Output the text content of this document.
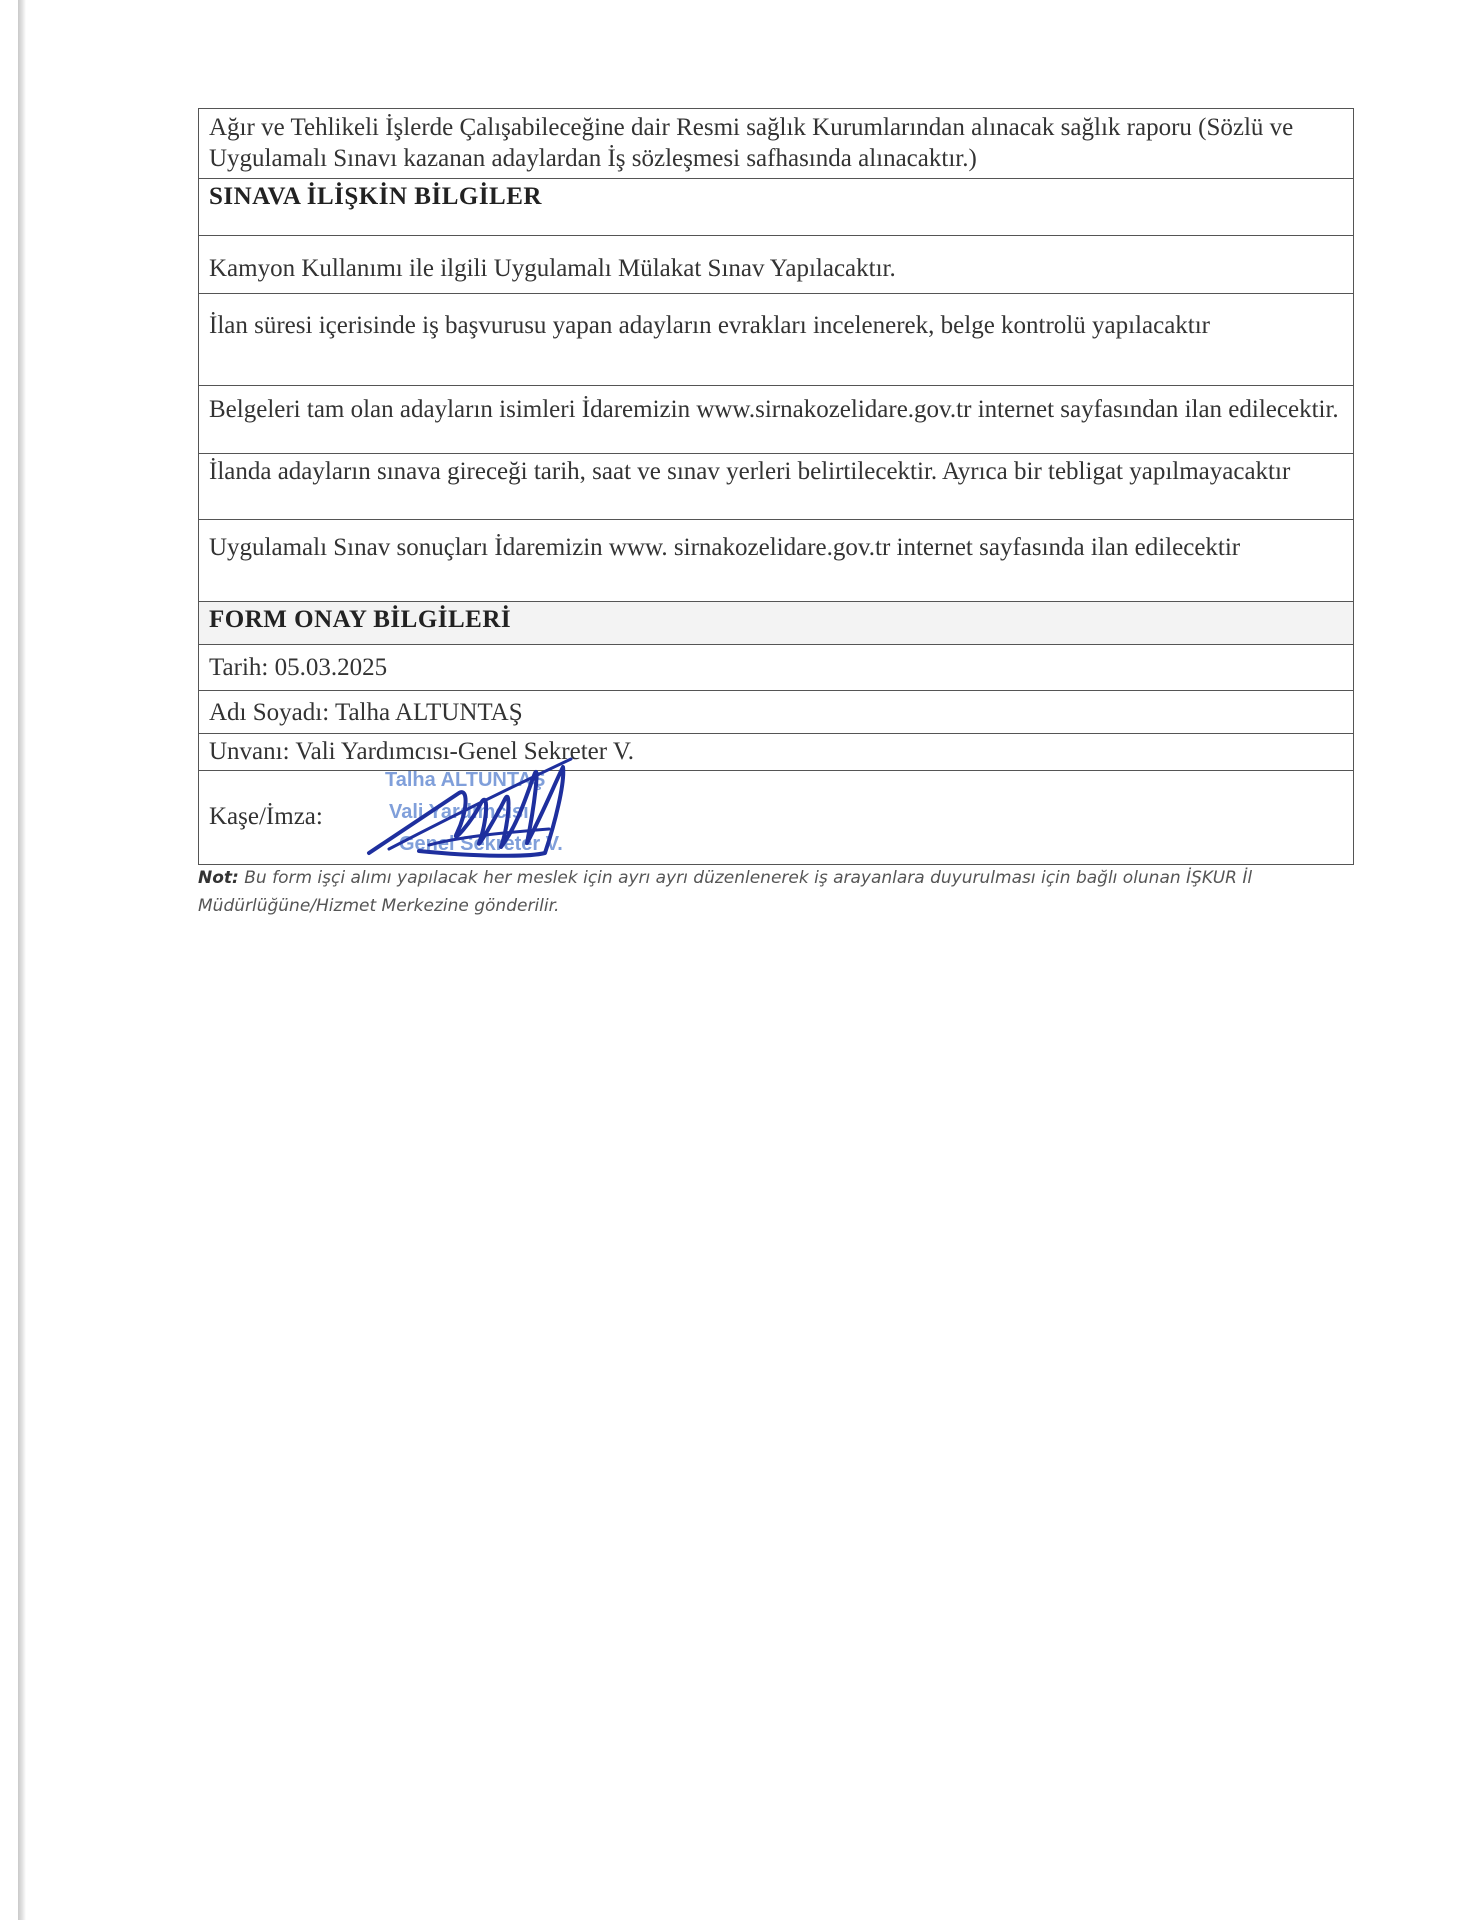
Ağır ve Tehlikeli İşlerde Çalışabileceğine dair Resmi sağlık Kurumlarından alınacak sağlık raporu (Sözlü ve Uygulamalı Sınavı kazanan adaylardan İş sözleşmesi safhasında alınacaktır.)
SINAVA İLİŞKİN BİLGİLER
Kamyon Kullanımı ile ilgili Uygulamalı Mülakat Sınav Yapılacaktır.
İlan süresi içerisinde iş başvurusu yapan adayların evrakları incelenerek, belge kontrolü yapılacaktır
Belgeleri tam olan adayların isimleri İdaremizin www.sirnakozelidare.gov.tr internet sayfasından ilan edilecektir.
İlanda adayların sınava gireceği tarih, saat ve sınav yerleri belirtilecektir. Ayrıca bir tebligat yapılmayacaktır
Uygulamalı Sınav sonuçları İdaremizin www. sirnakozelidare.gov.tr internet sayfasında ilan edilecektir
FORM ONAY BİLGİLERİ
Tarih: 05.03.2025
Adı Soyadı: Talha ALTUNTAŞ
Unvanı: Vali Yardımcısı-Genel Sekreter V.
Kaşe/İmza:
Talha ALTUNTAŞ
Vali Yardımcısı
Genel Sekreter V.
Not: Bu form işçi alımı yapılacak her meslek için ayrı ayrı düzenlenerek iş arayanlara duyurulması için bağlı olunan İŞKUR İl Müdürlüğüne/Hizmet Merkezine gönderilir.
